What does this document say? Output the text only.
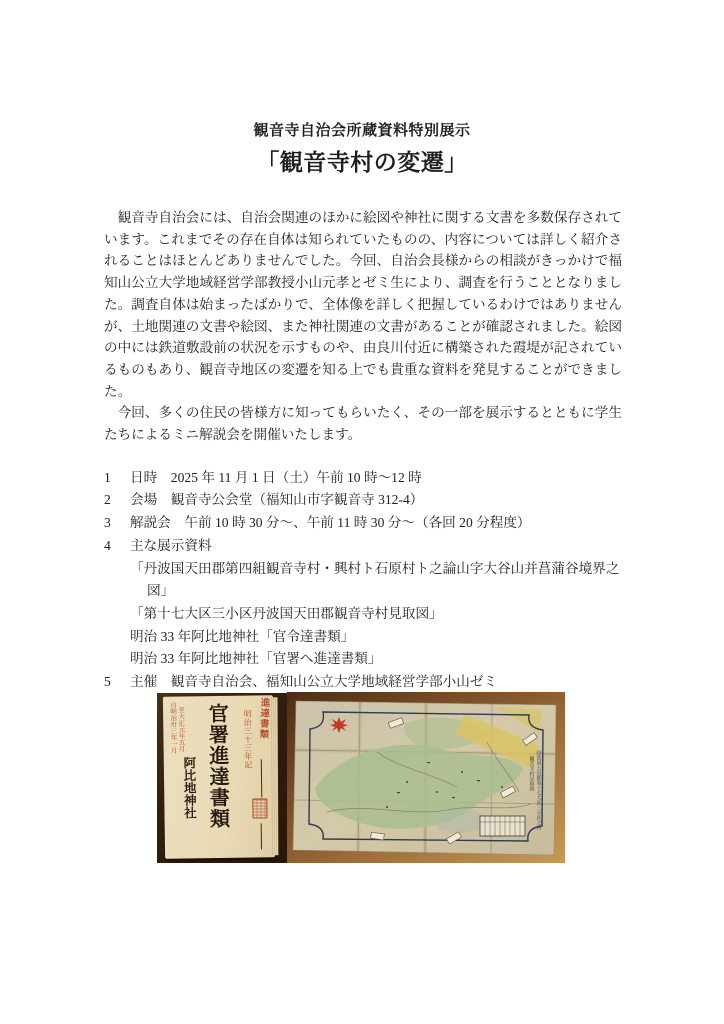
観音寺自治会所蔵資料特別展示
「観音寺村の変遷」

　観音寺自治会には、自治会関連のほかに絵図や神社に関する文書を多数保存されています。これまでその存在自体は知られていたものの、内容については詳しく紹介されることはほとんどありませんでした。今回、自治会長様からの相談がきっかけで福知山公立大学地域経営学部教授小山元孝とゼミ生により、調査を行うこととなりました。調査自体は始まったばかりで、全体像を詳しく把握しているわけではありませんが、土地関連の文書や絵図、また神社関連の文書があることが確認されました。絵図の中には鉄道敷設前の状況を示すものや、由良川付近に構築された霞堤が記されているものもあり、観音寺地区の変遷を知る上でも貴重な資料を発見することができました。

　今回、多くの住民の皆様方に知ってもらいたく、その一部を展示するとともに学生たちによるミニ解説会を開催いたします。

1 日時　2025 年 11 月 1 日（土）午前 10 時～12 時
2 会場　観音寺公会堂（福知山市字観音寺 312-4）
3 解説会　午前 10 時 30 分～、午前 11 時 30 分～（各回 20 分程度）
4 主な展示資料
「丹波国天田郡第四組観音寺村・興村ト石原村ト之論山字大谷山并菖蒲谷境界之
図」
「第十七大区三小区丹波国天田郡観音寺村見取図」
明治 33 年阿比地神社「官令達書類」
明治 33 年阿比地神社「官署へ進達書類」
5 主催　観音寺自治会、福知山公立大学地域経営学部小山ゼミ
進達書類
明治三十三年記
官署進達書類
自明治卅三年一月 至大正元年五月
阿比地神社	丹波国天田郡第十七大区三小区之内
観音寺村見取図
